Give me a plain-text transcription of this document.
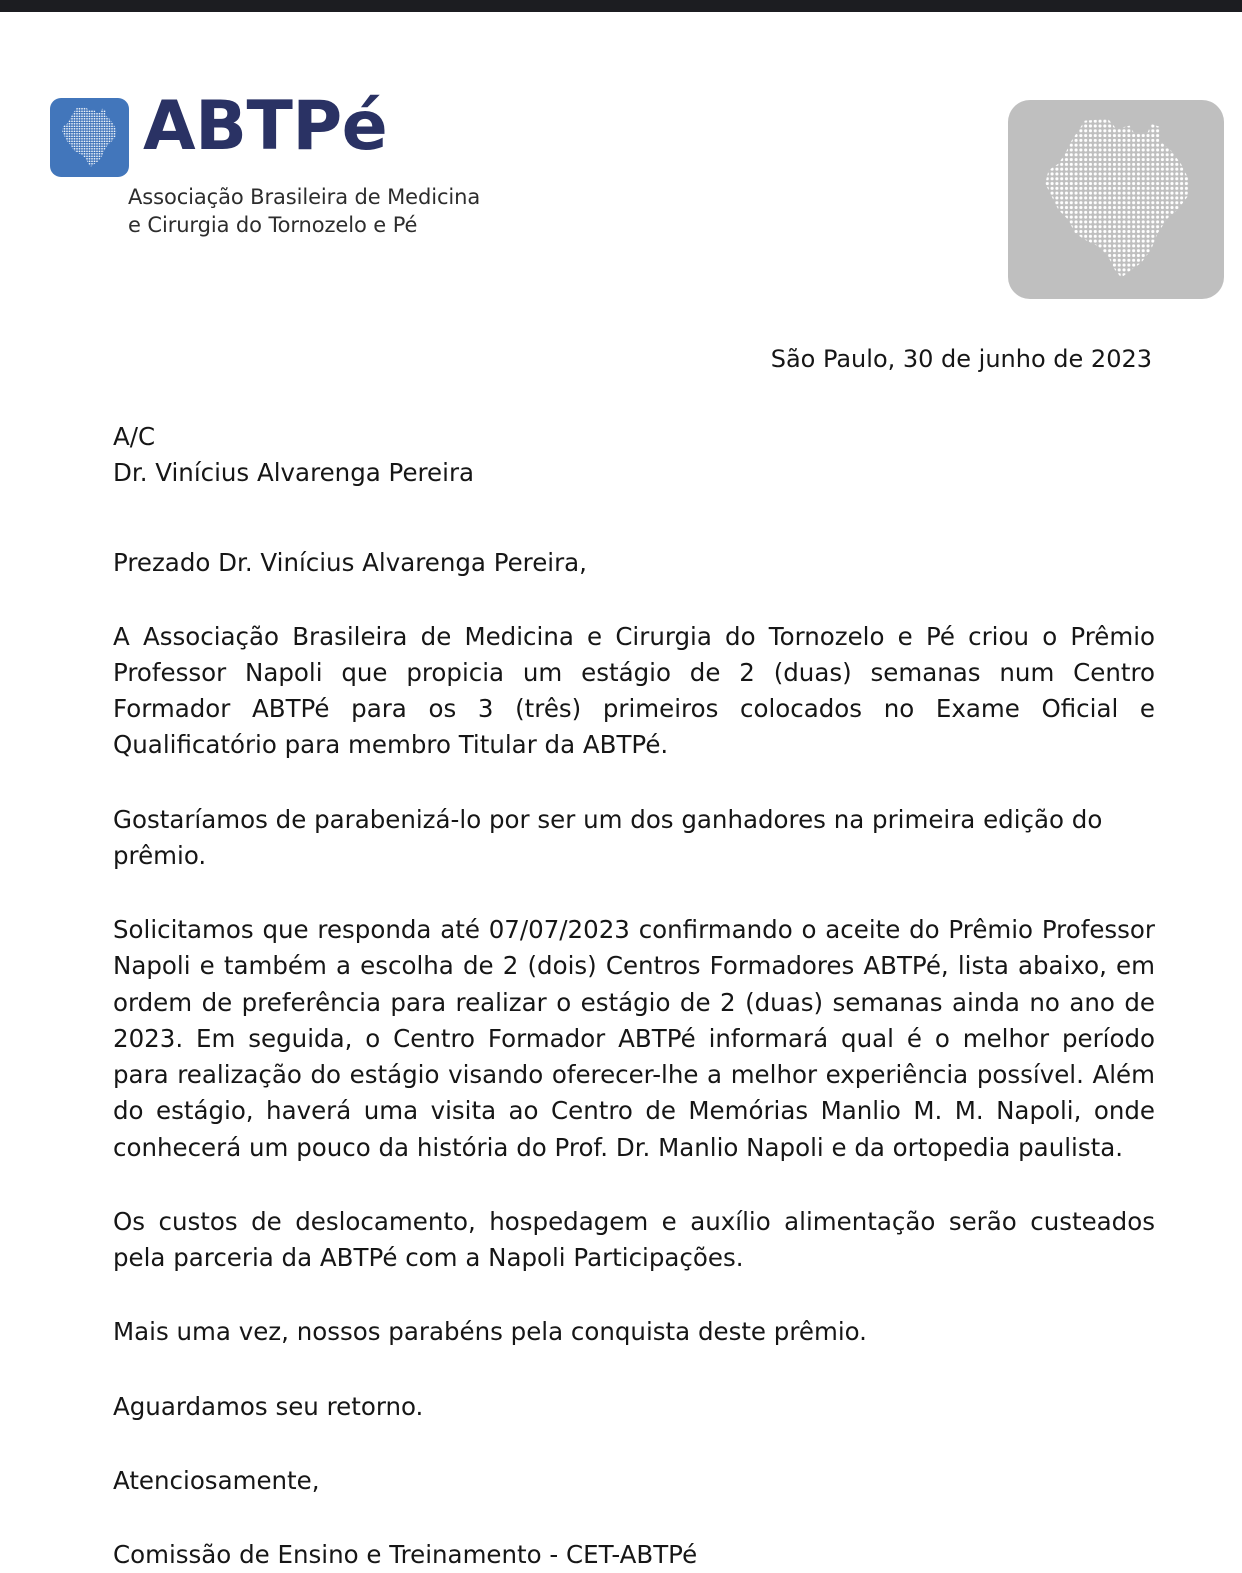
ABTPé
Associação Brasileira de Medicina
e Cirurgia do Tornozelo e Pé
São Paulo, 30 de junho de 2023
A/C
Dr. Vinícius Alvarenga Pereira
Prezado Dr. Vinícius Alvarenga Pereira,
A Associação Brasileira de Medicina e Cirurgia do Tornozelo e Pé criou o Prêmio Professor Napoli que propicia um estágio de 2 (duas) semanas num Centro Formador ABTPé para os 3 (três) primeiros colocados no Exame Oficial e Qualificatório para membro Titular da ABTPé.
Gostaríamos de parabenizá-lo por ser um dos ganhadores na primeira edição do prêmio.
Solicitamos que responda até 07/07/2023 confirmando o aceite do Prêmio Professor Napoli e também a escolha de 2 (dois) Centros Formadores ABTPé, lista abaixo, em ordem de preferência para realizar o estágio de 2 (duas) semanas ainda no ano de 2023. Em seguida, o Centro Formador ABTPé informará qual é o melhor período para realização do estágio visando oferecer-lhe a melhor experiência possível. Além do estágio, haverá uma visita ao Centro de Memórias Manlio M. M. Napoli, onde conhecerá um pouco da história do Prof. Dr. Manlio Napoli e da ortopedia paulista.
Os custos de deslocamento, hospedagem e auxílio alimentação serão custeados pela parceria da ABTPé com a Napoli Participações.
Mais uma vez, nossos parabéns pela conquista deste prêmio.
Aguardamos seu retorno.
Atenciosamente,
Comissão de Ensino e Treinamento - CET-ABTPé
